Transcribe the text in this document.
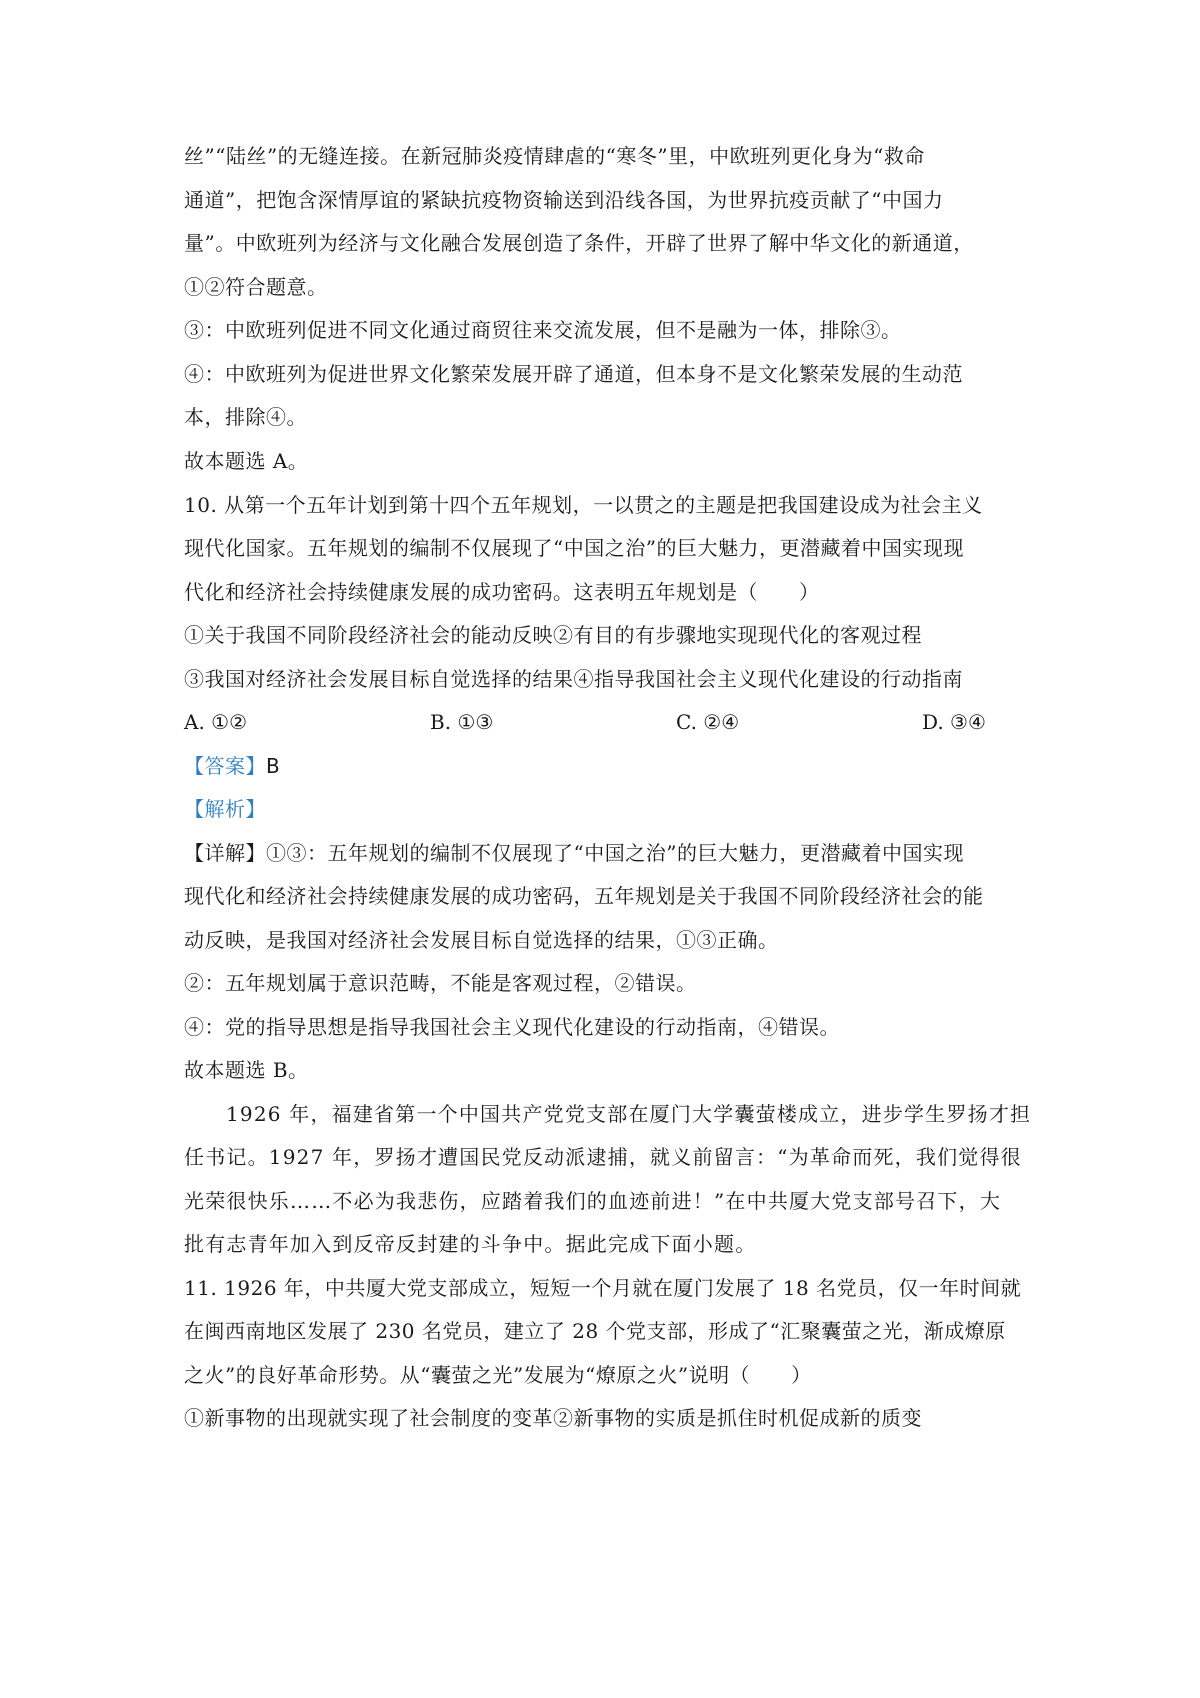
丝”“陆丝”的无缝连接。在新冠肺炎疫情肆虐的“寒冬”里，中欧班列更化身为“救命
通道”，把饱含深情厚谊的紧缺抗疫物资输送到沿线各国，为世界抗疫贡献了“中国力
量”。中欧班列为经济与文化融合发展创造了条件，开辟了世界了解中华文化的新通道，
①②符合题意。
③：中欧班列促进不同文化通过商贸往来交流发展，但不是融为一体，排除③。
④：中欧班列为促进世界文化繁荣发展开辟了通道，但本身不是文化繁荣发展的生动范
本，排除④。
故本题选 A。
10. 从第一个五年计划到第十四个五年规划，一以贯之的主题是把我国建设成为社会主义
现代化国家。五年规划的编制不仅展现了“中国之治”的巨大魅力，更潜藏着中国实现现
代化和经济社会持续健康发展的成功密码。这表明五年规划是（　　）
①关于我国不同阶段经济社会的能动反映②有目的有步骤地实现现代化的客观过程
③我国对经济社会发展目标自觉选择的结果④指导我国社会主义现代化建设的行动指南
A. ①②	B. ①③	C. ②④	D. ③④
【答案】B
【解析】
【详解】①③：五年规划的编制不仅展现了“中国之治”的巨大魅力，更潜藏着中国实现
现代化和经济社会持续健康发展的成功密码，五年规划是关于我国不同阶段经济社会的能
动反映，是我国对经济社会发展目标自觉选择的结果，①③正确。
②：五年规划属于意识范畴，不能是客观过程，②错误。
④：党的指导思想是指导我国社会主义现代化建设的行动指南，④错误。
故本题选 B。
1926 年，福建省第一个中国共产党党支部在厦门大学囊萤楼成立，进步学生罗扬才担
任书记。1927 年，罗扬才遭国民党反动派逮捕，就义前留言：“为革命而死，我们觉得很
光荣很快乐……不必为我悲伤，应踏着我们的血迹前进！”在中共厦大党支部号召下，大
批有志青年加入到反帝反封建的斗争中。据此完成下面小题。
11. 1926 年，中共厦大党支部成立，短短一个月就在厦门发展了 18 名党员，仅一年时间就
在闽西南地区发展了 230 名党员，建立了 28 个党支部，形成了“汇聚囊萤之光，渐成燎原
之火”的良好革命形势。从“囊萤之光”发展为“燎原之火”说明（　　）
①新事物的出现就实现了社会制度的变革②新事物的实质是抓住时机促成新的质变
